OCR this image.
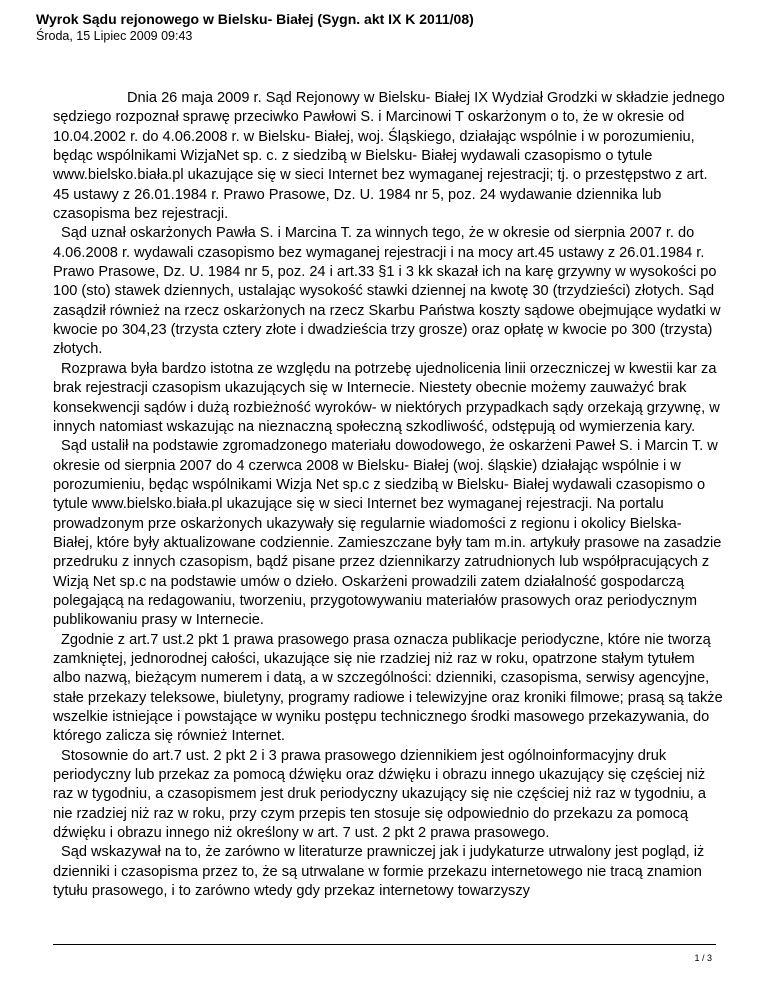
Wyrok Sądu rejonowego w Bielsku- Białej (Sygn. akt IX K 2011/08)
Środa, 15 Lipiec 2009 09:43

Dnia 26 maja 2009 r. Sąd Rejonowy w Bielsku- Białej IX Wydział Grodzki w składzie jednego sędziego rozpoznał sprawę przeciwko Pawłowi S. i Marcinowi T oskarżonym o to, że w okresie od 10.04.2002 r. do 4.06.2008 r. w Bielsku- Białej, woj. Śląskiego, działając wspólnie i w porozumieniu, będąc wspólnikami WizjaNet sp. c. z siedzibą w Bielsku- Białej wydawali czasopismo o tytule www.bielsko.biała.pl ukazujące się w sieci Internet bez wymaganej rejestracji; tj. o przestępstwo z art. 45 ustawy z 26.01.1984 r. Prawo Prasowe, Dz. U. 1984 nr 5, poz. 24 wydawanie dziennika lub czasopisma bez rejestracji.

Sąd uznał oskarżonych Pawła S. i Marcina T. za winnych tego, że w okresie od sierpnia 2007 r. do 4.06.2008 r. wydawali czasopismo bez wymaganej rejestracji i na mocy art.45 ustawy z 26.01.1984 r. Prawo Prasowe, Dz. U. 1984 nr 5, poz. 24 i art.33 §1 i 3 kk skazał ich na karę grzywny w wysokości po 100 (sto) stawek dziennych, ustalając wysokość stawki dziennej na kwotę 30 (trzydzieści) złotych. Sąd zasądził również na rzecz oskarżonych na rzecz Skarbu Państwa koszty sądowe obejmujące wydatki w kwocie po 304,23 (trzysta cztery złote i dwadzieścia trzy grosze) oraz opłatę w kwocie po 300 (trzysta) złotych.

Rozprawa była bardzo istotna ze względu na potrzebę ujednolicenia linii orzeczniczej w kwestii kar za brak rejestracji czasopism ukazujących się w Internecie. Niestety obecnie możemy zauważyć brak konsekwencji sądów i dużą rozbieżność wyroków- w niektórych przypadkach sądy orzekają grzywnę, w innych natomiast wskazując na nieznaczną społeczną szkodliwość, odstępują od wymierzenia kary.

Sąd ustalił na podstawie zgromadzonego materiału dowodowego, że oskarżeni Paweł S. i Marcin T. w okresie od sierpnia 2007 do 4 czerwca 2008 w Bielsku- Białej (woj. śląskie) działając wspólnie i w porozumieniu, będąc wspólnikami Wizja Net sp.c z siedzibą w Bielsku- Białej wydawali czasopismo o tytule www.bielsko.biała.pl ukazujące się w sieci Internet bez wymaganej rejestracji. Na portalu prowadzonym prze oskarżonych ukazywały się regularnie wiadomości z regionu i okolicy Bielska- Białej, które były aktualizowane codziennie. Zamieszczane były tam m.in. artykuły prasowe na zasadzie przedruku z innych czasopism, bądź pisane przez dziennikarzy zatrudnionych lub współpracujących z Wizją Net sp.c na podstawie umów o dzieło. Oskarżeni prowadzili zatem działalność gospodarczą polegającą na redagowaniu, tworzeniu, przygotowywaniu materiałów prasowych oraz periodycznym publikowaniu prasy w Internecie.

Zgodnie z art.7 ust.2 pkt 1 prawa prasowego prasa oznacza publikacje periodyczne, które nie tworzą zamkniętej, jednorodnej całości, ukazujące się nie rzadziej niż raz w roku, opatrzone stałym tytułem albo nazwą, bieżącym numerem i datą, a w szczególności: dzienniki, czasopisma, serwisy agencyjne, stałe przekazy teleksowe, biuletyny, programy radiowe i telewizyjne oraz kroniki filmowe; prasą są także wszelkie istniejące i powstające w wyniku postępu technicznego środki masowego przekazywania, do którego zalicza się również Internet.

Stosownie do art.7 ust. 2 pkt 2 i 3 prawa prasowego dziennikiem jest ogólnoinformacyjny druk periodyczny lub przekaz za pomocą dźwięku oraz dźwięku i obrazu innego ukazujący się częściej niż raz w tygodniu, a czasopismem jest druk periodyczny ukazujący się nie częściej niż raz w tygodniu, a nie rzadziej niż raz w roku, przy czym przepis ten stosuje się odpowiednio do przekazu za pomocą dźwięku i obrazu innego niż określony w art. 7 ust. 2 pkt 2 prawa prasowego.

Sąd wskazywał na to, że zarówno w literaturze prawniczej jak i judykaturze utrwalony jest pogląd, iż dzienniki i czasopisma przez to, że są utrwalane w formie przekazu internetowego nie tracą znamion tytułu prasowego, i to zarówno wtedy gdy przekaz internetowy towarzyszy

1 / 3
